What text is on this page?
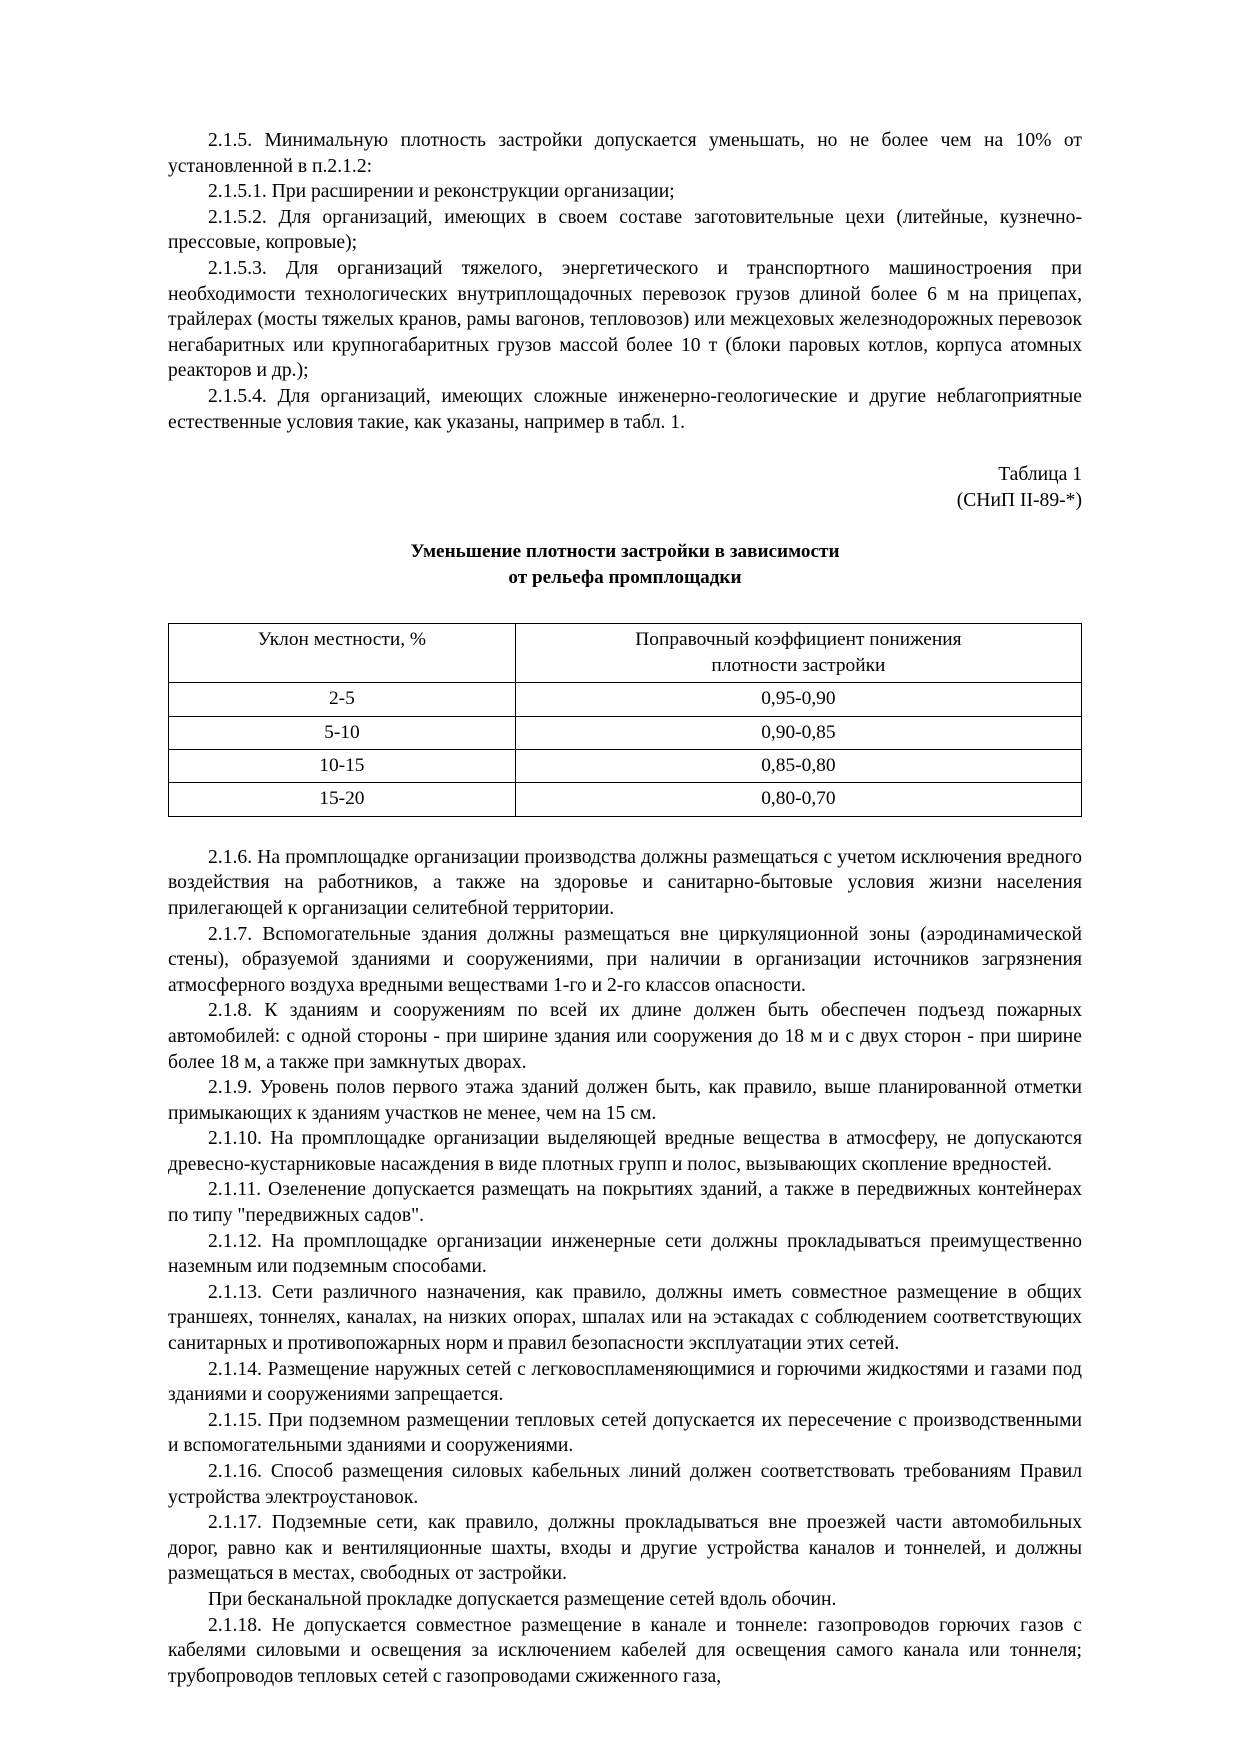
2.1.5. Минимальную плотность застройки допускается уменьшать, но не более чем на 10% от установленной в п.2.1.2:

2.1.5.1. При расширении и реконструкции организации;

2.1.5.2. Для организаций, имеющих в своем составе заготовительные цехи (литейные, кузнечно-прессовые, копровые);

2.1.5.3. Для организаций тяжелого, энергетического и транспортного машиностроения при необходимости технологических внутриплощадочных перевозок грузов длиной более 6 м на прицепах, трайлерах (мосты тяжелых кранов, рамы вагонов, тепловозов) или межцеховых железнодорожных перевозок негабаритных или крупногабаритных грузов массой более 10 т (блоки паровых котлов, корпуса атомных реакторов и др.);

2.1.5.4. Для организаций, имеющих сложные инженерно-геологические и другие неблагоприятные естественные условия такие, как указаны, например в табл. 1.

Таблица 1
(СНиП II-89-*)
Уменьшение плотности застройки в зависимости
от рельефа промплощадки
Уклон местности, %	Поправочный коэффициент понижения
плотности застройки

2-5	0,95-0,90
5-10	0,90-0,85
10-15	0,85-0,80
15-20	0,80-0,70

2.1.6. На промплощадке организации производства должны размещаться с учетом исключения вредного воздействия на работников, а также на здоровье и санитарно-бытовые условия жизни населения прилегающей к организации селитебной территории.

2.1.7. Вспомогательные здания должны размещаться вне циркуляционной зоны (аэродинамической стены), образуемой зданиями и сооружениями, при наличии в организации источников загрязнения атмосферного воздуха вредными веществами 1-го и 2-го классов опасности.

2.1.8. К зданиям и сооружениям по всей их длине должен быть обеспечен подъезд пожарных автомобилей: с одной стороны - при ширине здания или сооружения до 18 м и с двух сторон - при ширине более 18 м, а также при замкнутых дворах.

2.1.9. Уровень полов первого этажа зданий должен быть, как правило, выше планированной отметки примыкающих к зданиям участков не менее, чем на 15 см.

2.1.10. На промплощадке организации выделяющей вредные вещества в атмосферу, не допускаются древесно-кустарниковые насаждения в виде плотных групп и полос, вызывающих скопление вредностей.

2.1.11. Озеленение допускается размещать на покрытиях зданий, а также в передвижных контейнерах по типу "передвижных садов".

2.1.12. На промплощадке организации инженерные сети должны прокладываться преимущественно наземным или подземным способами.

2.1.13. Сети различного назначения, как правило, должны иметь совместное размещение в общих траншеях, тоннелях, каналах, на низких опорах, шпалах или на эстакадах с соблюдением соответствующих санитарных и противопожарных норм и правил безопасности эксплуатации этих сетей.

2.1.14. Размещение наружных сетей с легковоспламеняющимися и горючими жидкостями и газами под зданиями и сооружениями запрещается.

2.1.15. При подземном размещении тепловых сетей допускается их пересечение с производственными и вспомогательными зданиями и сооружениями.

2.1.16. Способ размещения силовых кабельных линий должен соответствовать требованиям Правил устройства электроустановок.

2.1.17. Подземные сети, как правило, должны прокладываться вне проезжей части автомобильных дорог, равно как и вентиляционные шахты, входы и другие устройства каналов и тоннелей, и должны размещаться в местах, свободных от застройки.

При бесканальной прокладке допускается размещение сетей вдоль обочин.

2.1.18. Не допускается совместное размещение в канале и тоннеле: газопроводов горючих газов с кабелями силовыми и освещения за исключением кабелей для освещения самого канала или тоннеля; трубопроводов тепловых сетей с газопроводами сжиженного газа,
